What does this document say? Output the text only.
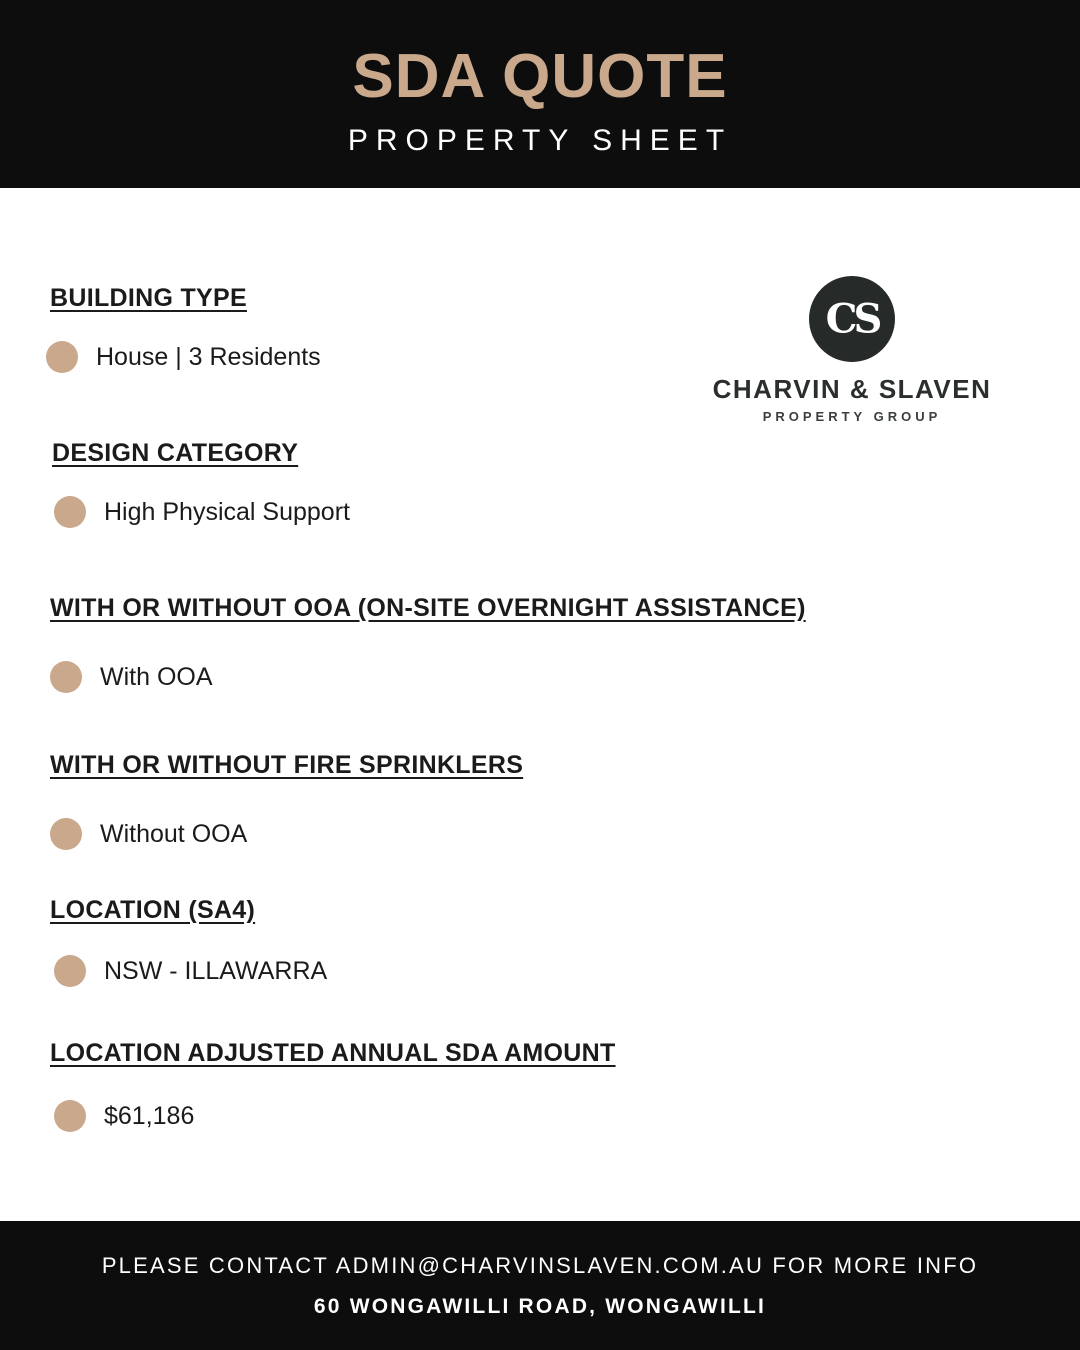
SDA QUOTE
PROPERTY SHEET
CS
CHARVIN & SLAVEN
PROPERTY GROUP
BUILDING TYPE
House | 3 Residents
DESIGN CATEGORY
High Physical Support
WITH OR WITHOUT OOA (ON-SITE OVERNIGHT ASSISTANCE)
With OOA
WITH OR WITHOUT FIRE SPRINKLERS
Without OOA
LOCATION (SA4)
NSW - ILLAWARRA
LOCATION ADJUSTED ANNUAL SDA AMOUNT
$61,186
PLEASE CONTACT ADMIN@CHARVINSLAVEN.COM.AU FOR MORE INFO
60 WONGAWILLI ROAD, WONGAWILLI
